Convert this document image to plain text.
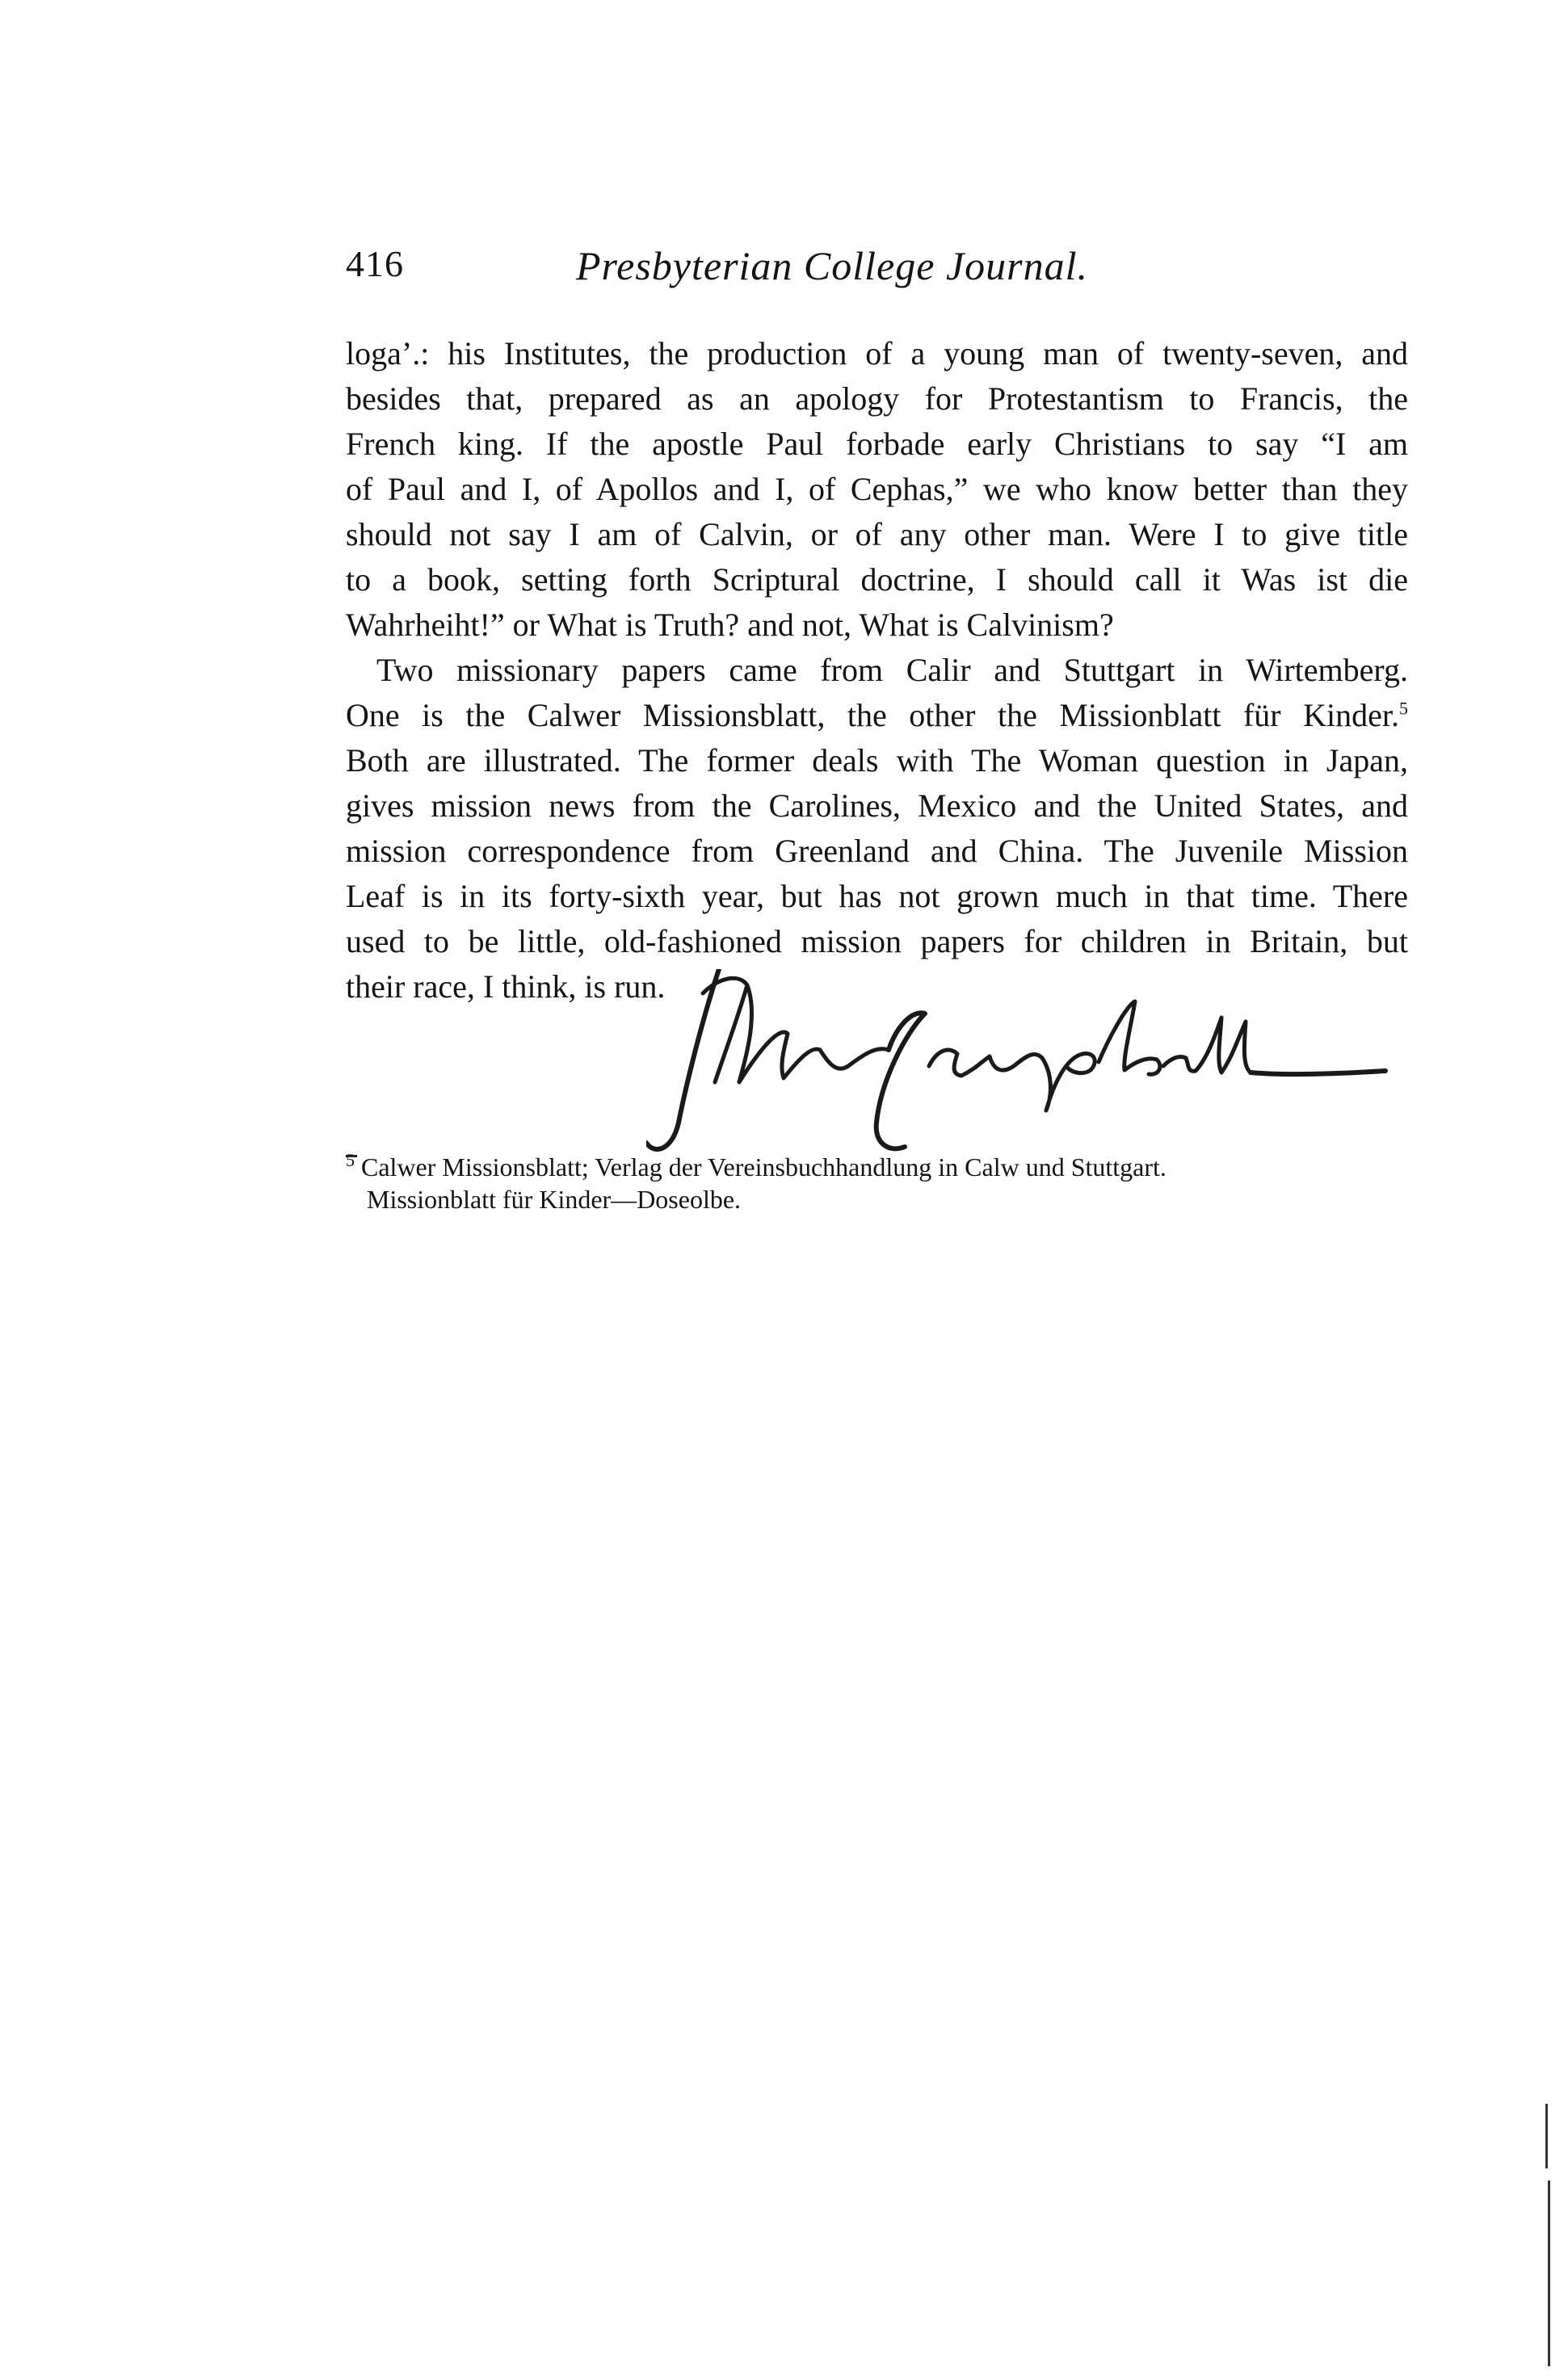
416	Presbyterian College Journal.

loga’.: his Institutes, the production of a young man of twenty-seven, and
besides that, prepared as an apology for Protestantism to Francis, the
French king. If the apostle Paul forbade early Christians to say “I am
of Paul and I, of Apollos and I, of Cephas,” we who know better than they
should not say I am of Calvin, or of any other man. Were I to give title
to a book, setting forth Scriptural doctrine, I should call it Was ist die
Wahrheiht!” or What is Truth? and not, What is Calvinism?

Two missionary papers came from Calir and Stuttgart in Wirtemberg.
One is the Calwer Missionsblatt, the other the Missionblatt für Kinder.$^5$
Both are illustrated. The former deals with The Woman question in Japan,
gives mission news from the Carolines, Mexico and the United States, and
mission correspondence from Greenland and China. The Juvenile Mission
Leaf is in its forty-sixth year, but has not grown much in that time. There
used to be little, old-fashioned mission papers for children in Britain, but
their race, I think, is run.

$^5$ Calwer Missionsblatt; Verlag der Vereinsbuchhandlung in Calw und Stuttgart.
Missionblatt für Kinder—Doseolbe.
